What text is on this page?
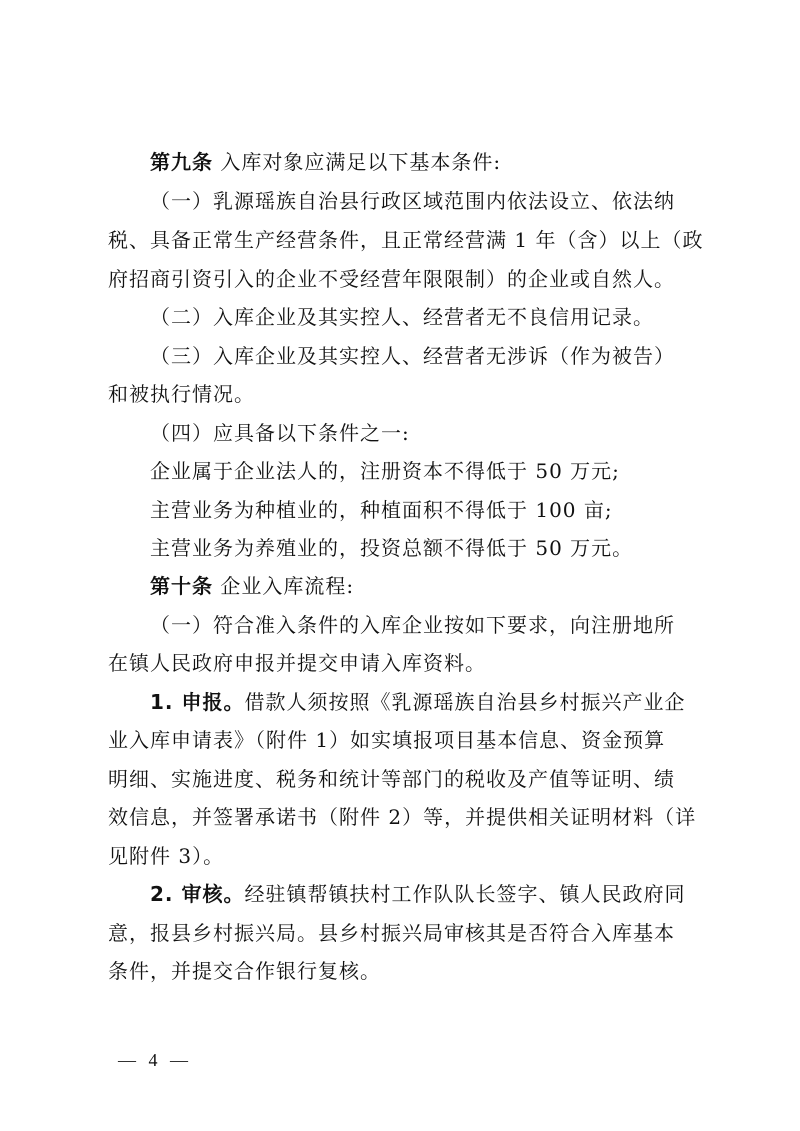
第九条 入库对象应满足以下基本条件:
（一）乳源瑶族自治县行政区域范围内依法设立、依法纳
税、具备正常生产经营条件，且正常经营满 1 年（含）以上（政
府招商引资引入的企业不受经营年限限制）的企业或自然人。
（二）入库企业及其实控人、经营者无不良信用记录。
（三）入库企业及其实控人、经营者无涉诉（作为被告）
和被执行情况。
（四）应具备以下条件之一:
企业属于企业法人的，注册资本不得低于 50 万元;
主营业务为种植业的，种植面积不得低于 100 亩;
主营业务为养殖业的，投资总额不得低于 50 万元。
第十条 企业入库流程:
（一）符合准入条件的入库企业按如下要求，向注册地所
在镇人民政府申报并提交申请入库资料。
1. 申报。借款人须按照《乳源瑶族自治县乡村振兴产业企
业入库申请表》（附件 1）如实填报项目基本信息、资金预算
明细、实施进度、税务和统计等部门的税收及产值等证明、绩
效信息，并签署承诺书（附件 2）等，并提供相关证明材料（详
见附件 3）。
2. 审核。经驻镇帮镇扶村工作队队长签字、镇人民政府同
意，报县乡村振兴局。县乡村振兴局审核其是否符合入库基本
条件，并提交合作银行复核。
— 4 —
